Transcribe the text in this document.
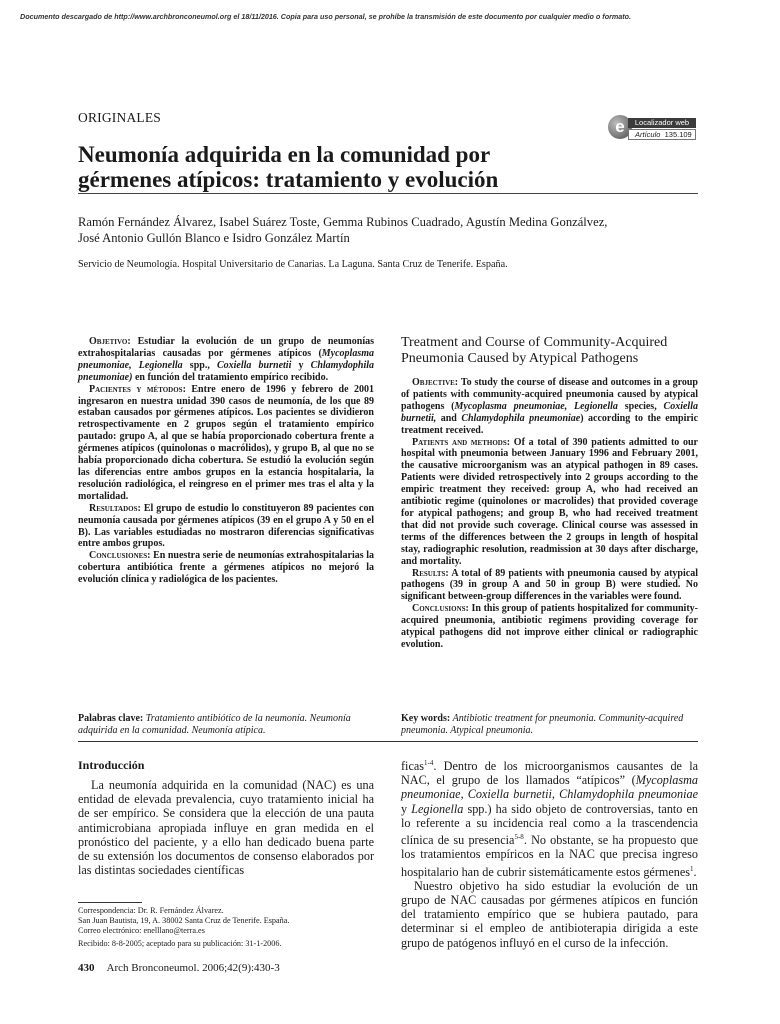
Documento descargado de http://www.archbronconeumol.org el 18/11/2016. Copia para uso personal, se prohíbe la transmisión de este documento por cualquier medio o formato.
ORIGINALES	e	Localizador web
Artículo 135.109
Neumonía adquirida en la comunidad por
gérmenes atípicos: tratamiento y evolución
Ramón Fernández Álvarez, Isabel Suárez Toste, Gemma Rubinos Cuadrado, Agustín Medina Gonzálvez,
José Antonio Gullón Blanco e Isidro González Martín
Servicio de Neumología. Hospital Universitario de Canarias. La Laguna. Santa Cruz de Tenerife. España.

Objetivo: Estudiar la evolución de un grupo de neumonías extrahospitalarias causadas por gérmenes atípicos (Mycoplasma pneumoniae, Legionella spp., Coxiella burnetii y Chlamydophila pneumoniae) en función del tratamiento empírico recibido.

Pacientes y métodos: Entre enero de 1996 y febrero de 2001 ingresaron en nuestra unidad 390 casos de neumonía, de los que 89 estaban causados por gérmenes atípicos. Los pacientes se dividieron retrospectivamente en 2 grupos según el tratamiento empírico pautado: grupo A, al que se había proporcionado cobertura frente a gérmenes atípicos (quinolonas o macrólidos), y grupo B, al que no se había proporcionado dicha cobertura. Se estudió la evolución según las diferencias entre ambos grupos en la estancia hospitalaria, la resolución radiológica, el reingreso en el primer mes tras el alta y la mortalidad.

Resultados: El grupo de estudio lo constituyeron 89 pacientes con neumonía causada por gérmenes atípicos (39 en el grupo A y 50 en el B). Las variables estudiadas no mostraron diferencias significativas entre ambos grupos.

Conclusiones: En nuestra serie de neumonías extrahospitalarias la cobertura antibiótica frente a gérmenes atípicos no mejoró la evolución clínica y radiológica de los pacientes.

Treatment and Course of Community-Acquired
Pneumonia Caused by Atypical Pathogens

Objective: To study the course of disease and outcomes in a group of patients with community-acquired pneumonia caused by atypical pathogens (Mycoplasma pneumoniae, Legionella species, Coxiella burnetii, and Chlamydophila pneumoniae) according to the empiric treatment received.

Patients and methods: Of a total of 390 patients admitted to our hospital with pneumonia between January 1996 and February 2001, the causative microorganism was an atypical pathogen in 89 cases. Patients were divided retrospectively into 2 groups according to the empiric treatment they received: group A, who had received an antibiotic regime (quinolones or macrolides) that provided coverage for atypical pathogens; and group B, who had received treatment that did not provide such coverage. Clinical course was assessed in terms of the differences between the 2 groups in length of hospital stay, radiographic resolution, readmission at 30 days after discharge, and mortality.

Results: A total of 89 patients with pneumonia caused by atypical pathogens (39 in group A and 50 in group B) were studied. No significant between-group differences in the variables were found.

Conclusions: In this group of patients hospitalized for community-acquired pneumonia, antibiotic regimens providing coverage for atypical pathogens did not improve either clinical or radiographic evolution.

Palabras clave: Tratamiento antibiótico de la neumonía. Neumonía adquirida en la comunidad. Neumonía atípica.
Key words: Antibiotic treatment for pneumonia. Community-acquired pneumonia. Atypical pneumonia.
Introducción

La neumonía adquirida en la comunidad (NAC) es una entidad de elevada prevalencia, cuyo tratamiento inicial ha de ser empírico. Se considera que la elección de una pauta antimicrobiana apropiada influye en gran medida en el pronóstico del paciente, y a ello han dedicado buena parte de su extensión los documentos de consenso elaborados por las distintas sociedades científicas

ficas$^{1-4}$. Dentro de los microorganismos causantes de la NAC, el grupo de los llamados “atípicos” (Mycoplasma pneumoniae, Coxiella burnetii, Chlamydophila pneumoniae y Legionella spp.) ha sido objeto de controversias, tanto en lo referente a su incidencia real como a la trascendencia clínica de su presencia$^{5-8}$. No obstante, se ha propuesto que los tratamientos empíricos en la NAC que precisa ingreso hospitalario han de cubrir sistemáticamente estos gérmenes$^1$.

Nuestro objetivo ha sido estudiar la evolución de un grupo de NAC causadas por gérmenes atípicos en función del tratamiento empírico que se hubiera pautado, para determinar si el empleo de antibioterapia dirigida a este grupo de patógenos influyó en el curso de la infección.

Correspondencia: Dr. R. Fernández Álvarez.
San Juan Bautista, 19, A. 38002 Santa Cruz de Tenerife. España.
Correo electrónico: enelllano@terra.es
Recibido: 8-8-2005; aceptado para su publicación: 31-1-2006.
430 Arch Bronconeumol. 2006;42(9):430-3
